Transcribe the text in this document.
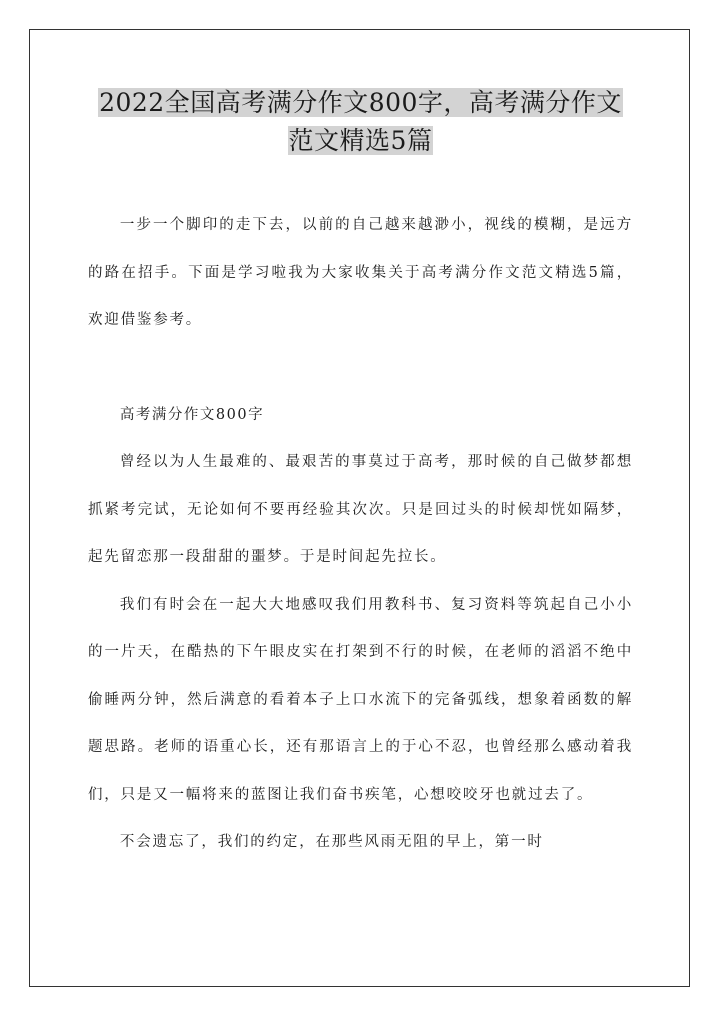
2022全国高考满分作文800字，高考满分作文范文精选5篇

一步一个脚印的走下去，以前的自己越来越渺小，视线的模糊，是远方的路在招手。下面是学习啦我为大家收集关于高考满分作文范文精选5篇，欢迎借鉴参考。

高考满分作文800字

曾经以为人生最难的、最艰苦的事莫过于高考，那时候的自己做梦都想抓紧考完试，无论如何不要再经验其次次。只是回过头的时候却恍如隔梦，起先留恋那一段甜甜的噩梦。于是时间起先拉长。

我们有时会在一起大大地感叹我们用教科书、复习资料等筑起自己小小的一片天，在酷热的下午眼皮实在打架到不行的时候，在老师的滔滔不绝中偷睡两分钟，然后满意的看着本子上口水流下的完备弧线，想象着函数的解题思路。老师的语重心长，还有那语言上的于心不忍，也曾经那么感动着我们，只是又一幅将来的蓝图让我们奋书疾笔，心想咬咬牙也就过去了。

不会遗忘了，我们的约定，在那些风雨无阻的早上，第一时
